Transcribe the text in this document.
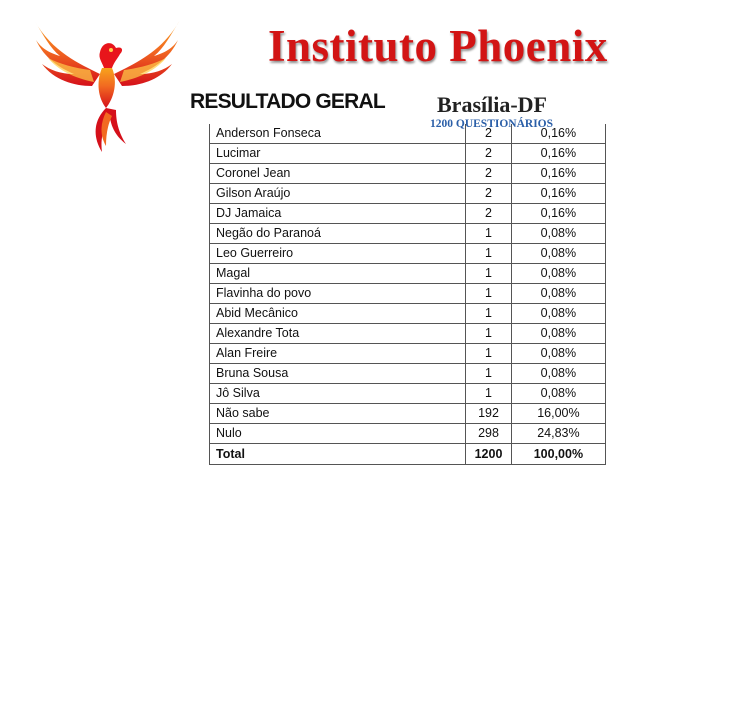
Instituto Phoenix
RESULTADO GERAL Brasília-DF
1200 QUESTIONÁRIOS
Anderson Fonseca	2	0,16%
Lucimar	2	0,16%
Coronel Jean	2	0,16%
Gilson Araújo	2	0,16%
DJ Jamaica	2	0,16%
Negão do Paranoá	1	0,08%
Leo Guerreiro	1	0,08%
Magal	1	0,08%
Flavinha do povo	1	0,08%
Abid Mecânico	1	0,08%
Alexandre Tota	1	0,08%
Alan Freire	1	0,08%
Bruna Sousa	1	0,08%
Jô Silva	1	0,08%
Não sabe	192	16,00%
Nulo	298	24,83%
Total	1200	100,00%
